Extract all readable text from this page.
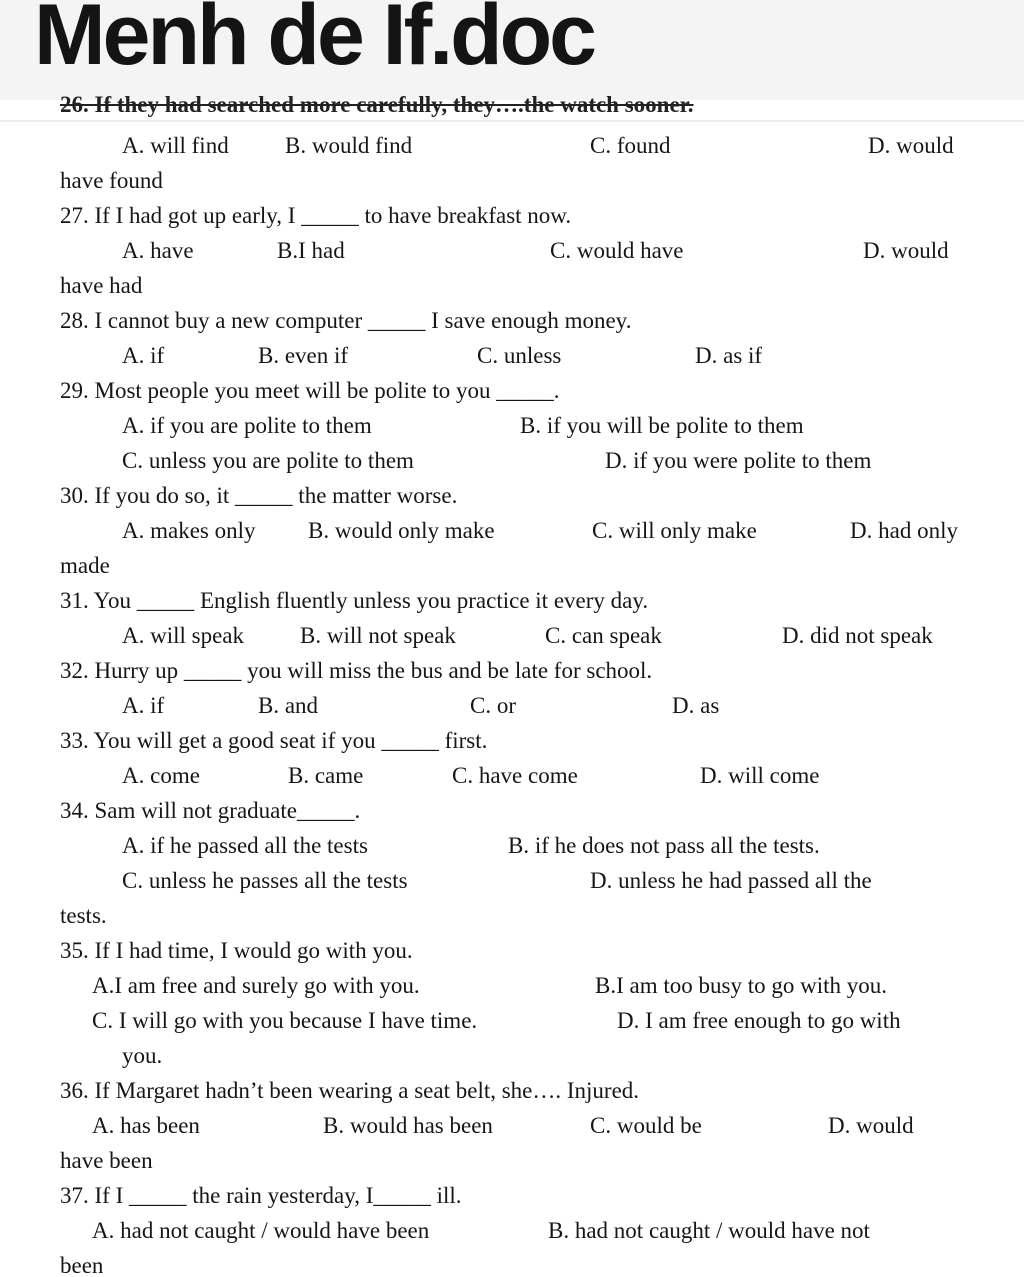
Menh de If.doc
26. If they had searched more carefully, they….the watch sooner.
A. will find B. would find	C. found	D. would
have found
27. If I had got up early, I _____ to have breakfast now.
A. have	B.I had	C. would have	D. would
have had
28. I cannot buy a new computer _____ I save enough money.
A. if	B. even if	C. unless	D. as if
29. Most people you meet will be polite to you _____.
A. if you are polite to them	B. if you will be polite to them
C. unless you are polite to them	D. if you were polite to them
30. If you do so, it _____ the matter worse.
A. makes only B. would only make	C. will only make	D. had only
made
31. You _____ English fluently unless you practice it every day.
A. will speak B. will not speak	C. can speak	D. did not speak
32. Hurry up _____ you will miss the bus and be late for school.
A. if	B. and	C. or	D. as
33. You will get a good seat if you _____ first.
A. come	B. came	C. have come	D. will come
34. Sam will not graduate_____.
A. if he passed all the tests	B. if he does not pass all the tests.
C. unless he passes all the tests	D. unless he had passed all the
tests.
35. If I had time, I would go with you.
A.I am free and surely go with you.	B.I am too busy to go with you.
C. I will go with you because I have time.	D. I am free enough to go with
you.
36. If Margaret hadn’t been wearing a seat belt, she…. Injured.
A. has been	B. would has been	C. would be	D. would
have been
37. If I _____ the rain yesterday, I_____ ill.
A. had not caught / would have been	B. had not caught / would have not
been
